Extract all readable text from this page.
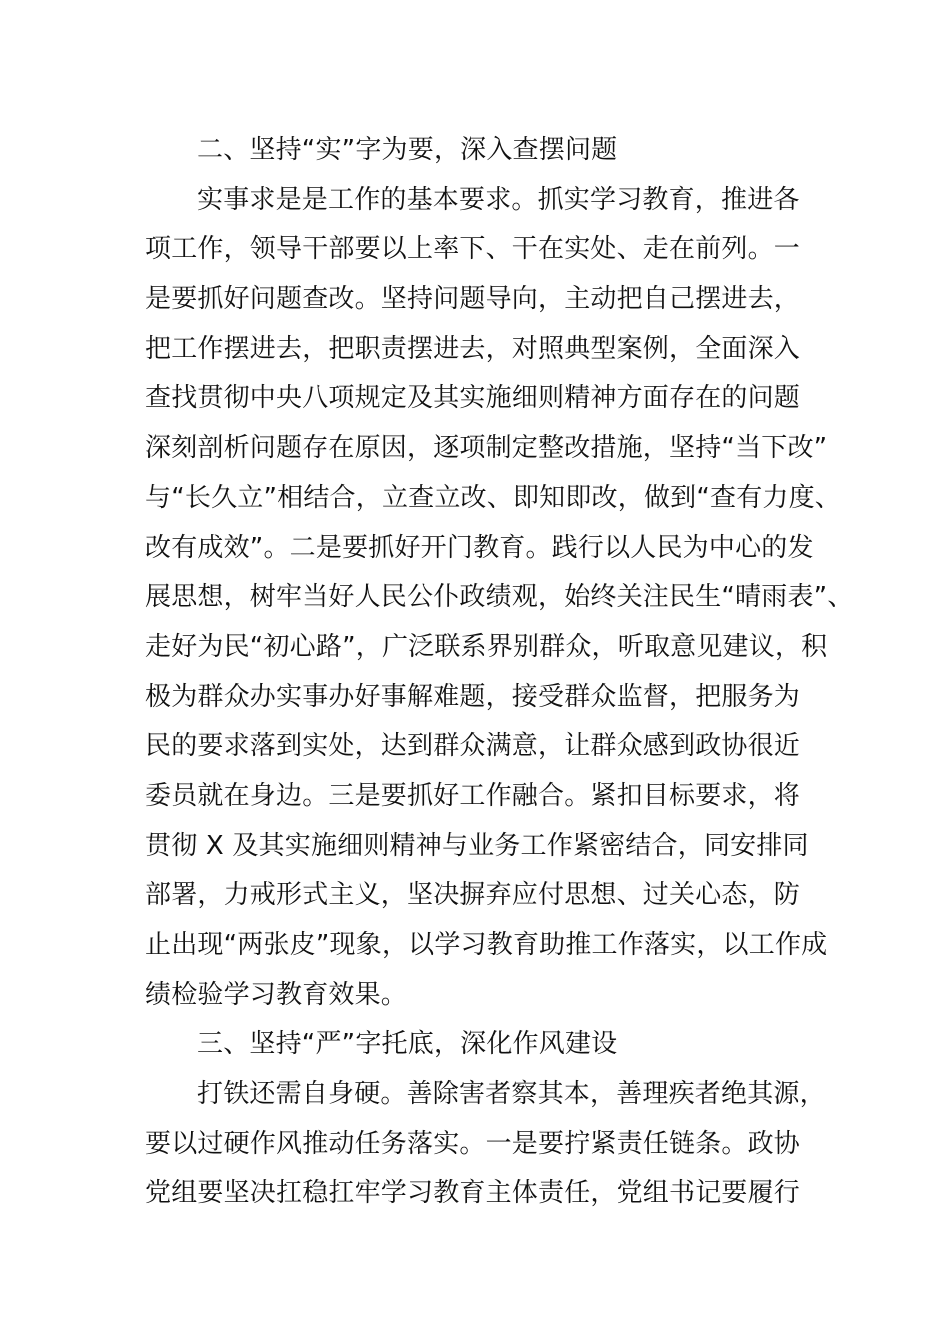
二、坚持“实”字为要，深入查摆问题
实事求是是工作的基本要求。抓实学习教育，推进各
项工作，领导干部要以上率下、干在实处、走在前列。一
是要抓好问题查改。坚持问题导向，主动把自己摆进去，
把工作摆进去，把职责摆进去，对照典型案例，全面深入
查找贯彻中央八项规定及其实施细则精神方面存在的问题
深刻剖析问题存在原因，逐项制定整改措施，坚持“当下改”
与“长久立”相结合，立查立改、即知即改，做到“查有力度、
改有成效”。二是要抓好开门教育。践行以人民为中心的发
展思想，树牢当好人民公仆政绩观，始终关注民生“晴雨表”、
走好为民“初心路”，广泛联系界别群众，听取意见建议，积
极为群众办实事办好事解难题，接受群众监督，把服务为
民的要求落到实处，达到群众满意，让群众感到政协很近
委员就在身边。三是要抓好工作融合。紧扣目标要求，将
贯彻 X 及其实施细则精神与业务工作紧密结合，同安排同
部署，力戒形式主义，坚决摒弃应付思想、过关心态，防
止出现“两张皮”现象，以学习教育助推工作落实，以工作成
绩检验学习教育效果。
三、坚持“严”字托底，深化作风建设
打铁还需自身硬。善除害者察其本，善理疾者绝其源，
要以过硬作风推动任务落实。一是要拧紧责任链条。政协
党组要坚决扛稳扛牢学习教育主体责任，党组书记要履行
